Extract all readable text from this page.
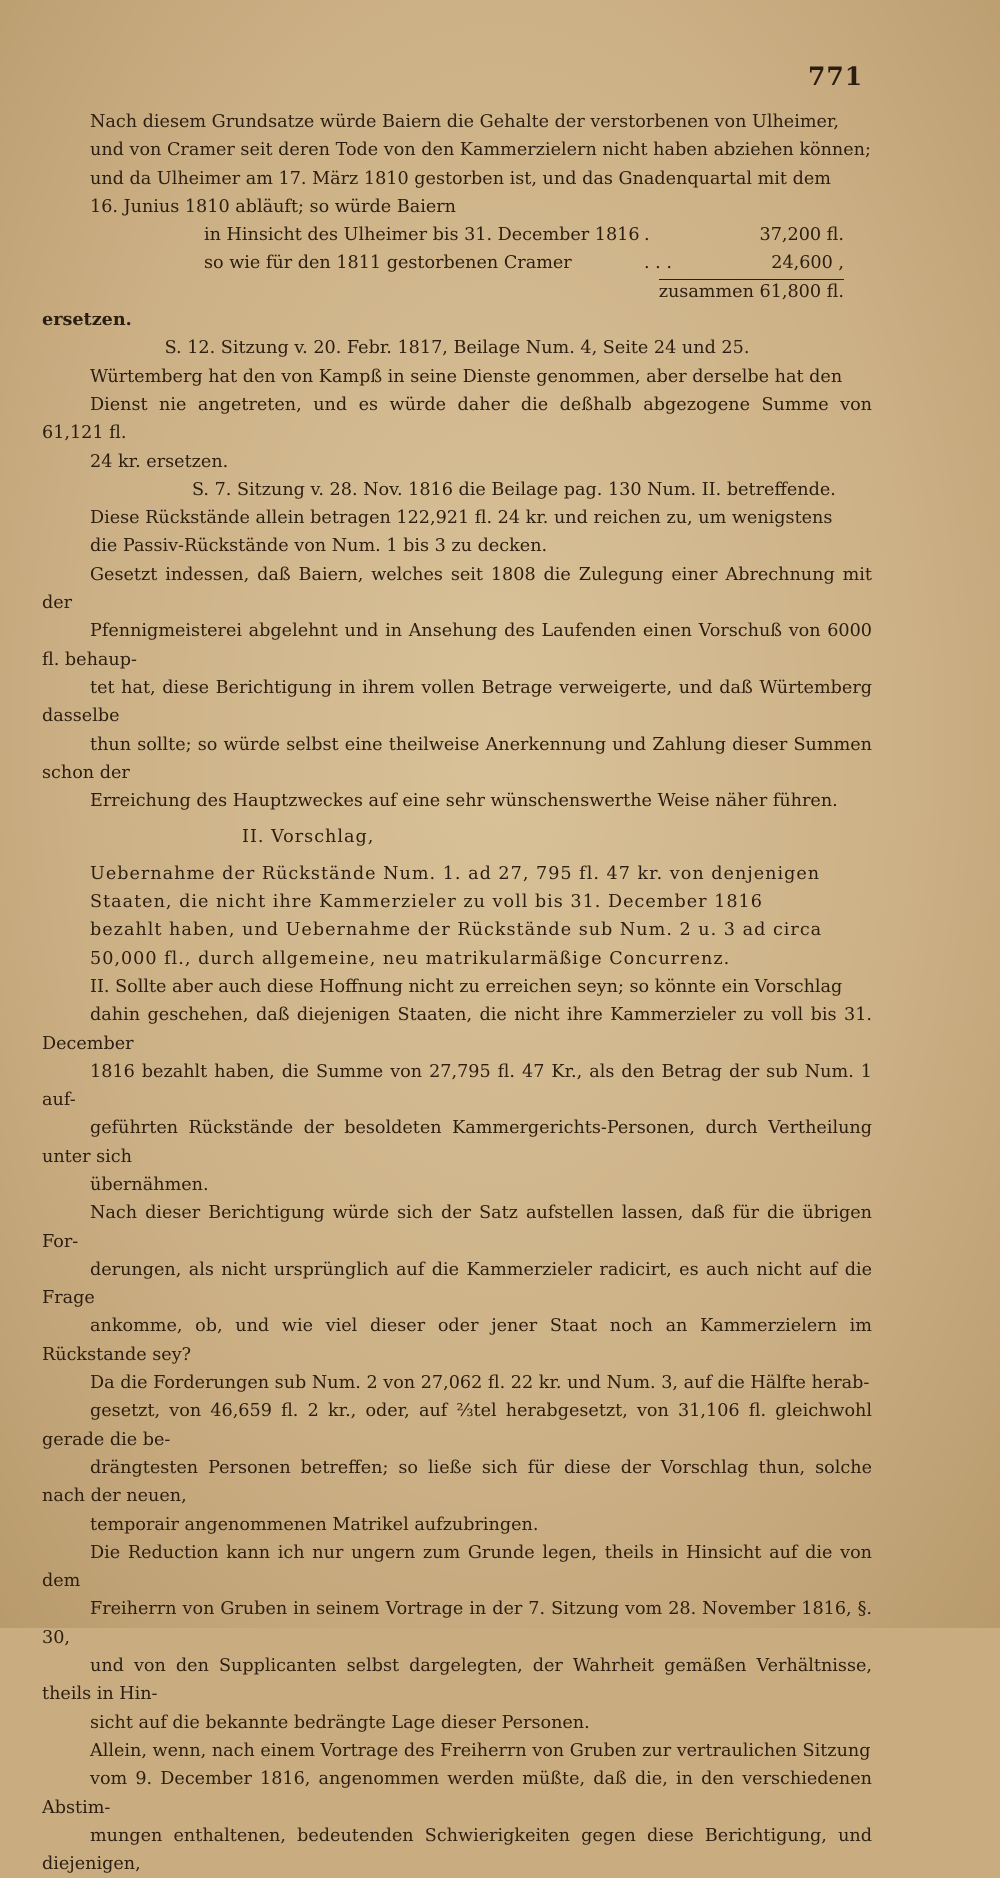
771

Nach diesem Grundsatze würde Baiern die Gehalte der verstorbenen von Ulheimer,
und von Cramer seit deren Tode von den Kammerzielern nicht haben abziehen können;
und da Ulheimer am 17. März 1810 gestorben ist, und das Gnadenquartal mit dem
16. Junius 1810 abläuft; so würde Baiern

in Hinsicht des Ulheimer bis 31. December 1816 .	37,200 fl.
so wie für den 1811 gestorbenen Cramer	. . .	24,600 ,
zusammen 61,800 fl.
ersetzen.
S. 12. Sitzung v. 20. Febr. 1817, Beilage Num. 4, Seite 24 und 25.

Würtemberg hat den von Kampß in seine Dienste genommen, aber derselbe hat den
Dienst nie angetreten, und es würde daher die deßhalb abgezogene Summe von 61,121 fl.
24 kr. ersetzen.

S. 7. Sitzung v. 28. Nov. 1816 die Beilage pag. 130 Num. II. betreffende.

Diese Rückstände allein betragen 122,921 fl. 24 kr. und reichen zu, um wenigstens
die Passiv-Rückstände von Num. 1 bis 3 zu decken.

Gesetzt indessen, daß Baiern, welches seit 1808 die Zulegung einer Abrechnung mit der
Pfennigmeisterei abgelehnt und in Ansehung des Laufenden einen Vorschuß von 6000 fl. behaup-
tet hat, diese Berichtigung in ihrem vollen Betrage verweigerte, und daß Würtemberg dasselbe
thun sollte; so würde selbst eine theilweise Anerkennung und Zahlung dieser Summen schon der
Erreichung des Hauptzweckes auf eine sehr wünschenswerthe Weise näher führen.

II. Vorschlag,

Uebernahme der Rückstände Num. 1. ad 27, 795 fl. 47 kr. von denjenigen
Staaten, die nicht ihre Kammerzieler zu voll bis 31. December 1816
bezahlt haben, und Uebernahme der Rückstände sub Num. 2 u. 3 ad circa
50,000 fl., durch allgemeine, neu matrikularmäßige Concurrenz.

II. Sollte aber auch diese Hoffnung nicht zu erreichen seyn; so könnte ein Vorschlag
dahin geschehen, daß diejenigen Staaten, die nicht ihre Kammerzieler zu voll bis 31. December
1816 bezahlt haben, die Summe von 27,795 fl. 47 Kr., als den Betrag der sub Num. 1 auf-
geführten Rückstände der besoldeten Kammergerichts-Personen, durch Vertheilung unter sich
übernähmen.

Nach dieser Berichtigung würde sich der Satz aufstellen lassen, daß für die übrigen For-
derungen, als nicht ursprünglich auf die Kammerzieler radicirt, es auch nicht auf die Frage
ankomme, ob, und wie viel dieser oder jener Staat noch an Kammerzielern im Rückstande sey?

Da die Forderungen sub Num. 2 von 27,062 fl. 22 kr. und Num. 3, auf die Hälfte herab-
gesetzt, von 46,659 fl. 2 kr., oder, auf ⅔tel herabgesetzt, von 31,106 fl. gleichwohl gerade die be-
drängtesten Personen betreffen; so ließe sich für diese der Vorschlag thun, solche nach der neuen,
temporair angenommenen Matrikel aufzubringen.

Die Reduction kann ich nur ungern zum Grunde legen, theils in Hinsicht auf die von dem
Freiherrn von Gruben in seinem Vortrage in der 7. Sitzung vom 28. November 1816, §. 30,
und von den Supplicanten selbst dargelegten, der Wahrheit gemäßen Verhältnisse, theils in Hin-
sicht auf die bekannte bedrängte Lage dieser Personen.

Allein, wenn, nach einem Vortrage des Freiherrn von Gruben zur vertraulichen Sitzung
vom 9. December 1816, angenommen werden müßte, daß die, in den verschiedenen Abstim-
mungen enthaltenen, bedeutenden Schwierigkeiten gegen diese Berichtigung, und diejenigen,
